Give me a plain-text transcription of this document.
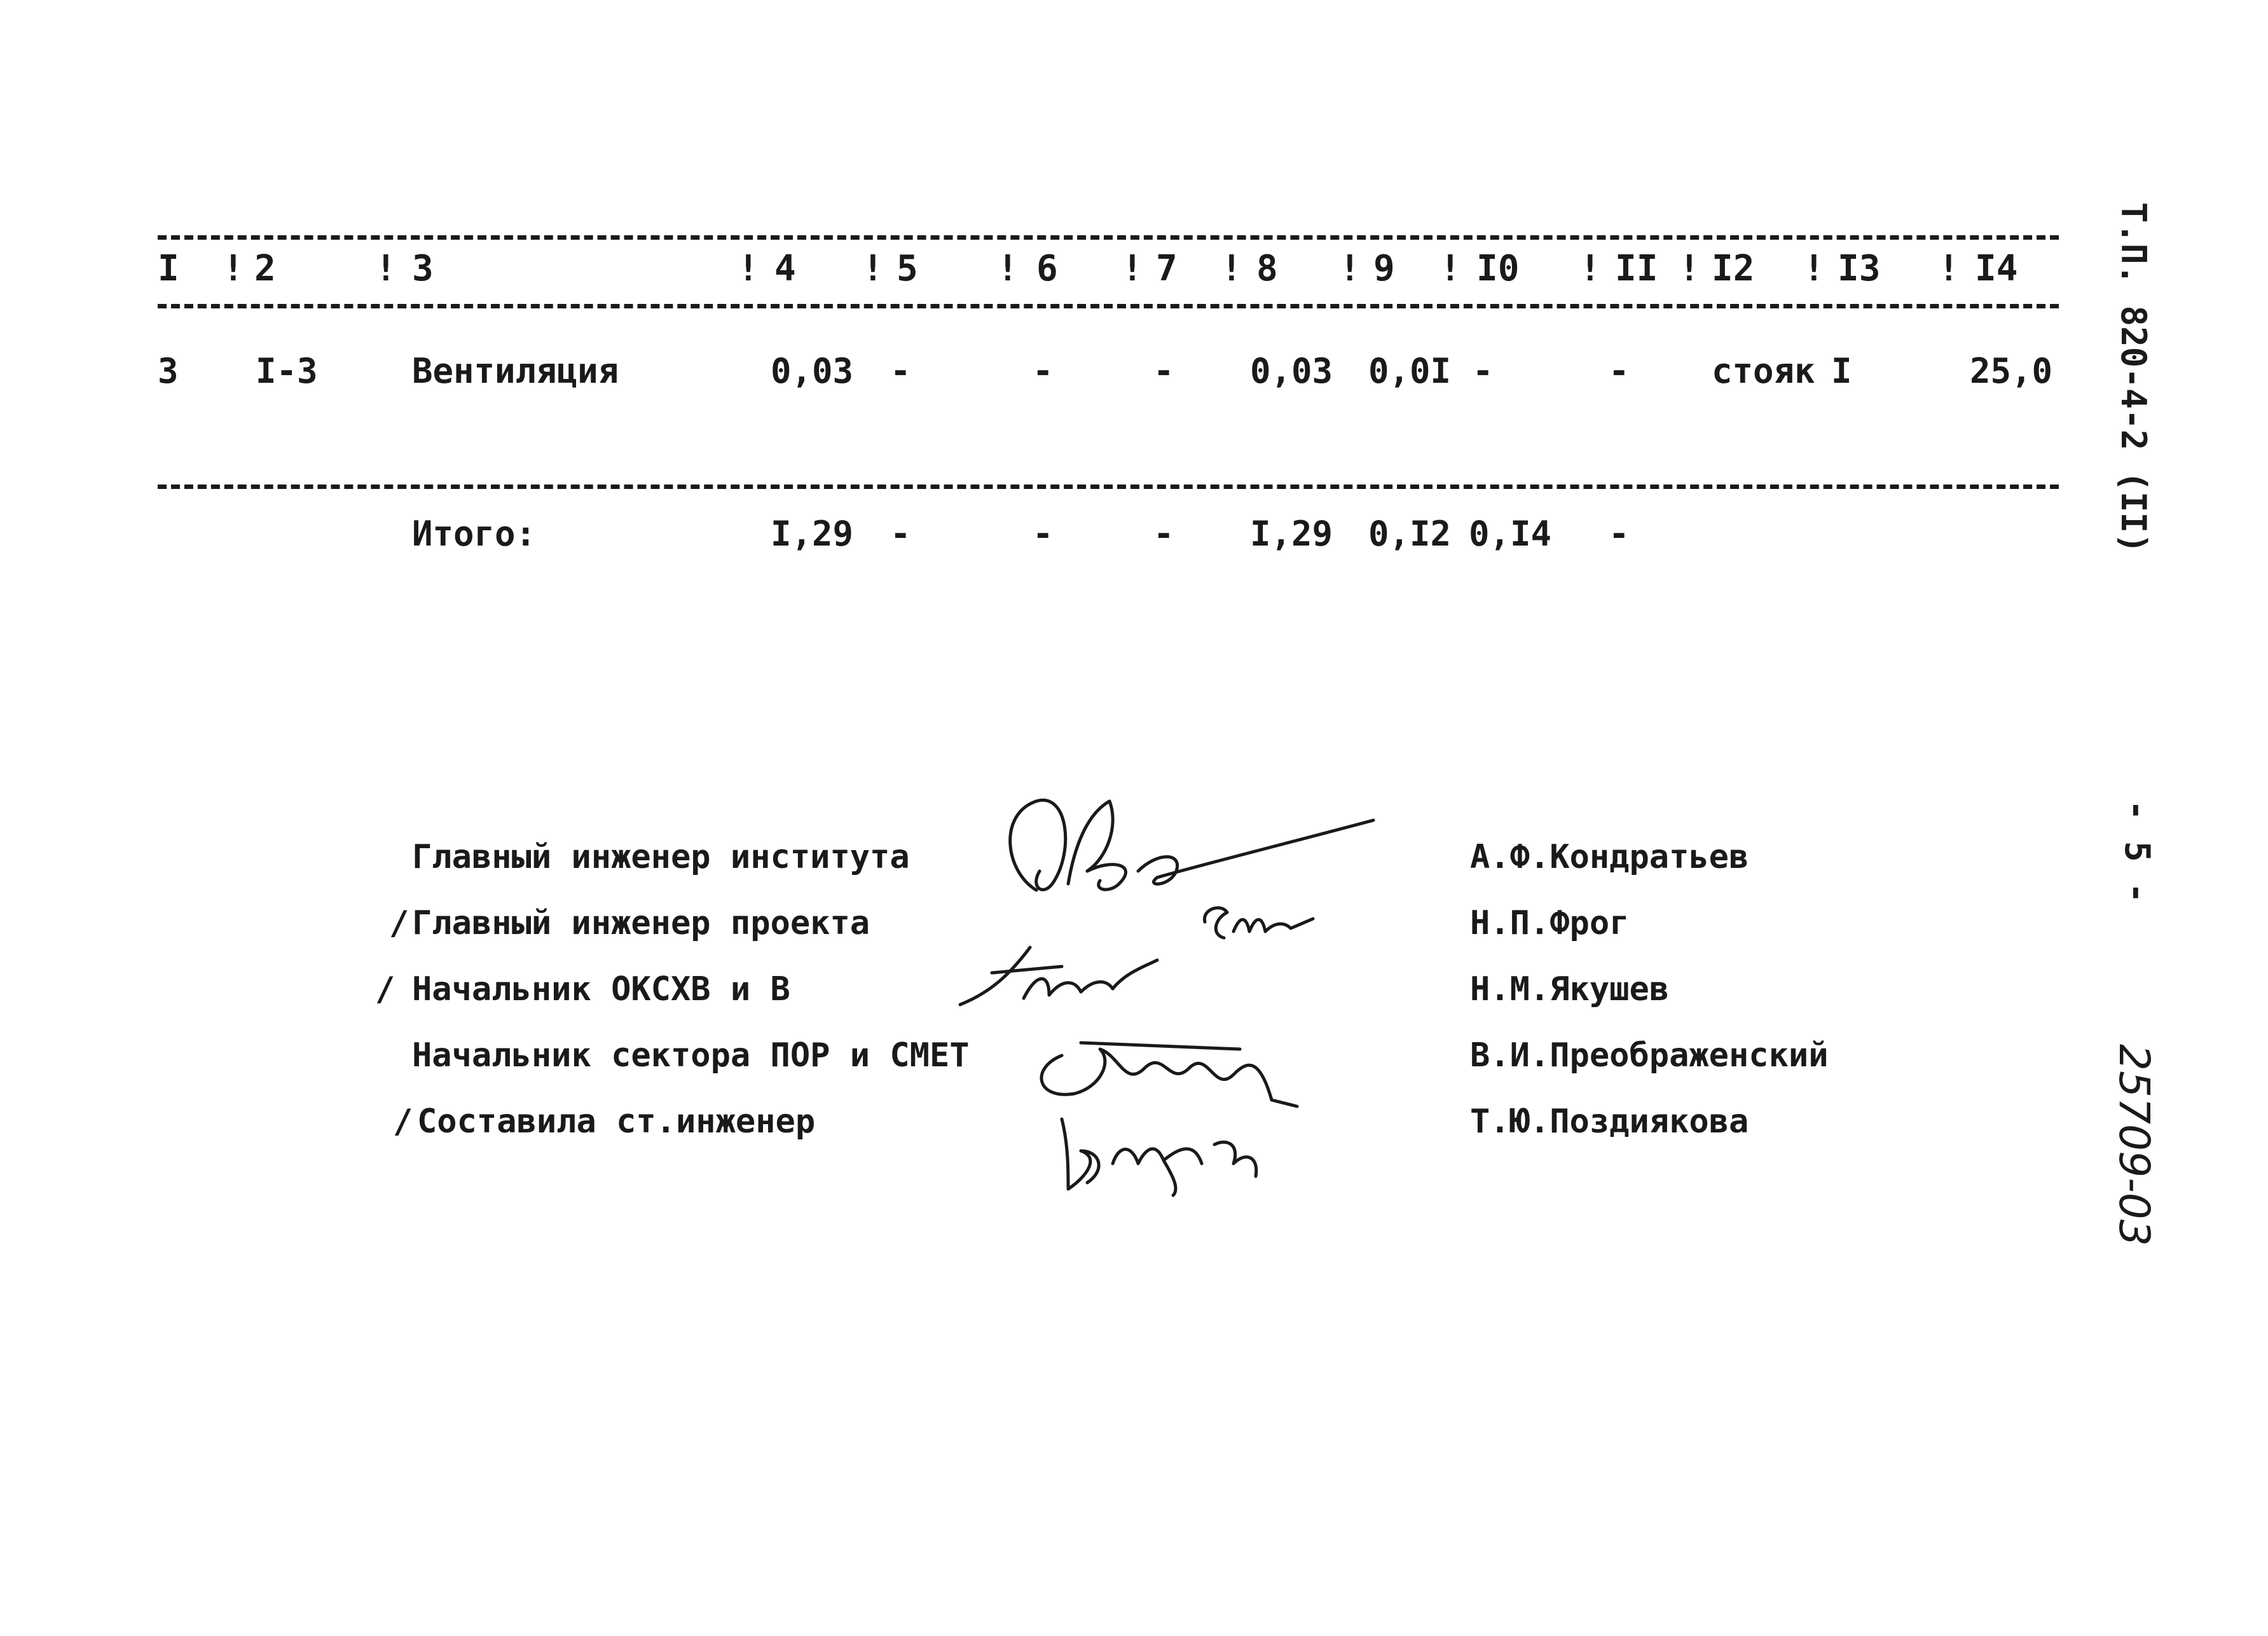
I ! 2	! 3	! 4 ! 5 ! 6 ! 7 ! 8 ! 9 ! I0 ! II ! I2 ! I3 ! I4
3 I-3	Вентиляция	0,03 -	-	- 0,03 0,0I -	- стояк I	25,0
Итого:	I,29 -	-	- I,29 0,I2 0,I4 -
Главный инженер института	А.Ф.Кондратьев
/ Главный инженер проекта	Н.П.Фрог
/ Начальник ОКСХВ и В	Н.М.Якушев
Начальник сектора ПОР и СМЕТ	В.И.Преображенский
/ Составила ст.инженер	Т.Ю.Поздиякова
Т.П. 820-4-2 (II)
- 5 -
25709-03
